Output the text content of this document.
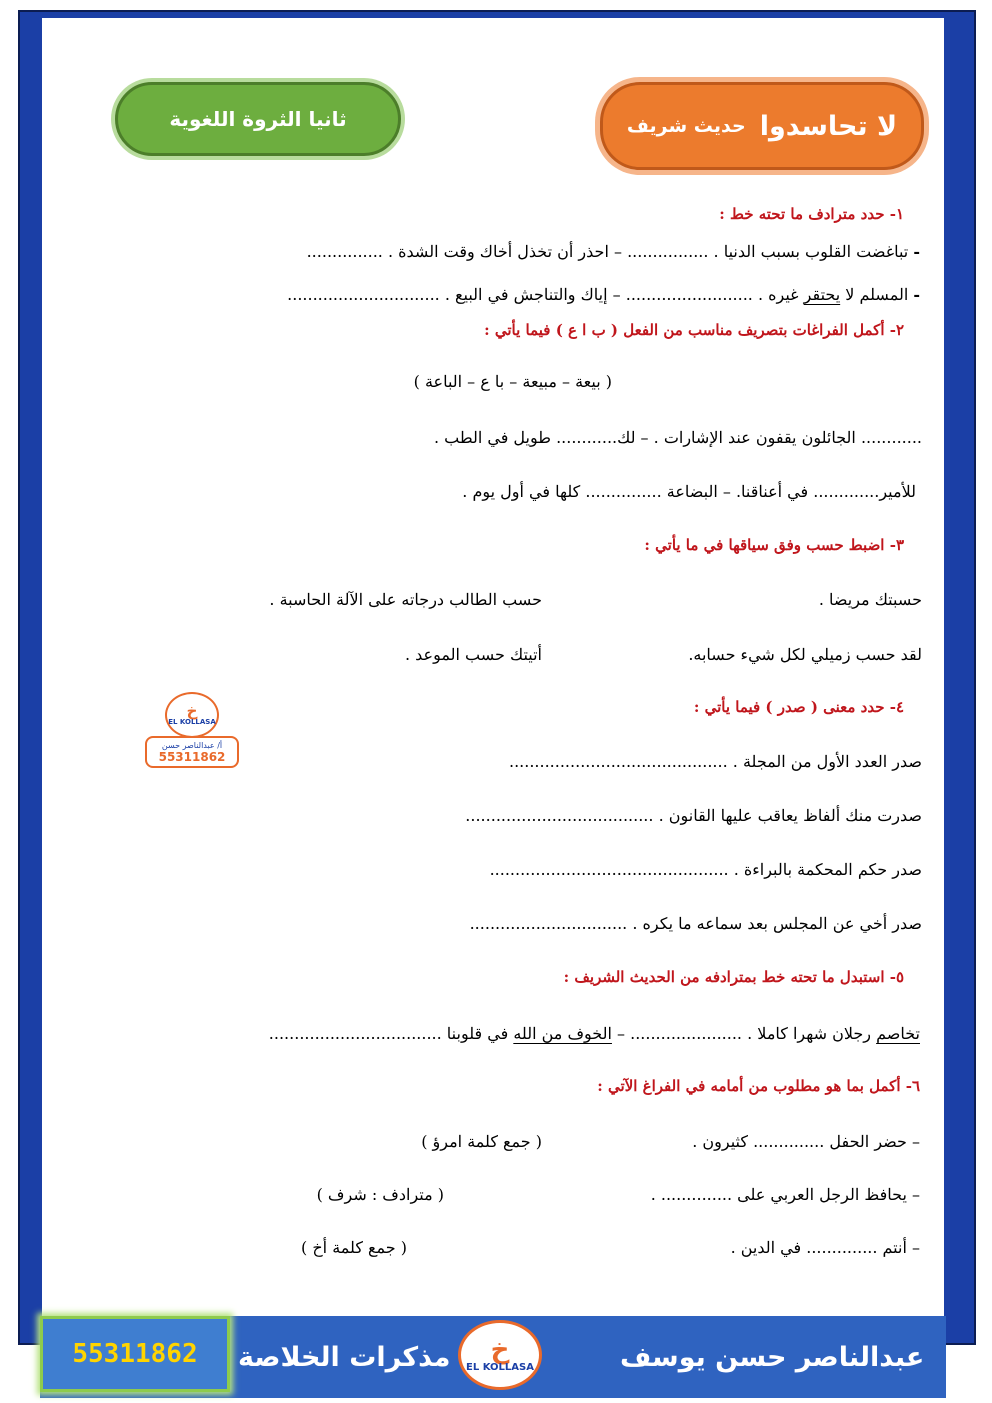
لا تحاسدوا
حديث شريف
ثانيا الثروة اللغوية
١- حدد مترادف ما تحته خط :
- تباغضت القلوب بسبب الدنيا . ................ – احذر أن تخذل أخاك وقت الشدة . ...............
- المسلم لا يحتقر غيره . ......................... – إياك والتناجش في البيع . ..............................
٢- أكمل الفراغات بتصريف مناسب من الفعل ( ب ا ع ) فيما يأتي :
( بيعة – مبيعة – با ع – الباعة )
............ الجائلون يقفون عند الإشارات . – لك............ طويل في الطب .
للأمير............. في أعناقنا. – البضاعة ............... كلها في أول يوم .
٣- اضبط حسب وفق سياقها في ما يأتي :
حسبتك مريضا .
حسب الطالب درجاته على الآلة الحاسبة .
لقد حسب زميلي لكل شيء حسابه.
أتيتك حسب الموعد .
خ
EL KOLLASA
أ/ عبدالناصر حسن
55311862
٤- حدد معنى ( صدر ) فيما يأتي :
صدر العدد الأول من المجلة . ...........................................
صدرت منك ألفاظ يعاقب عليها القانون . .....................................
صدر حكم المحكمة بالبراءة . ...............................................
صدر أخي عن المجلس بعد سماعه ما يكره . ...............................
٥- استبدل ما تحته خط بمترادفه من الحديث الشريف :
تخاصم رجلان شهرا كاملا . ...................... – الخوف من الله في قلوبنا ..................................
٦- أكمل بما هو مطلوب من أمامه في الفراغ الآتي :
– حضر الحفل .............. كثيرون .
( جمع كلمة امرؤ )
– يحافظ الرجل العربي على .............. .
( مترادف : شرف )
– أنتم .............. في الدين .
( جمع كلمة أخ )
55311862	مذكرات الخلاصة خ
EL KOLLASA	عبدالناصر حسن يوسف
